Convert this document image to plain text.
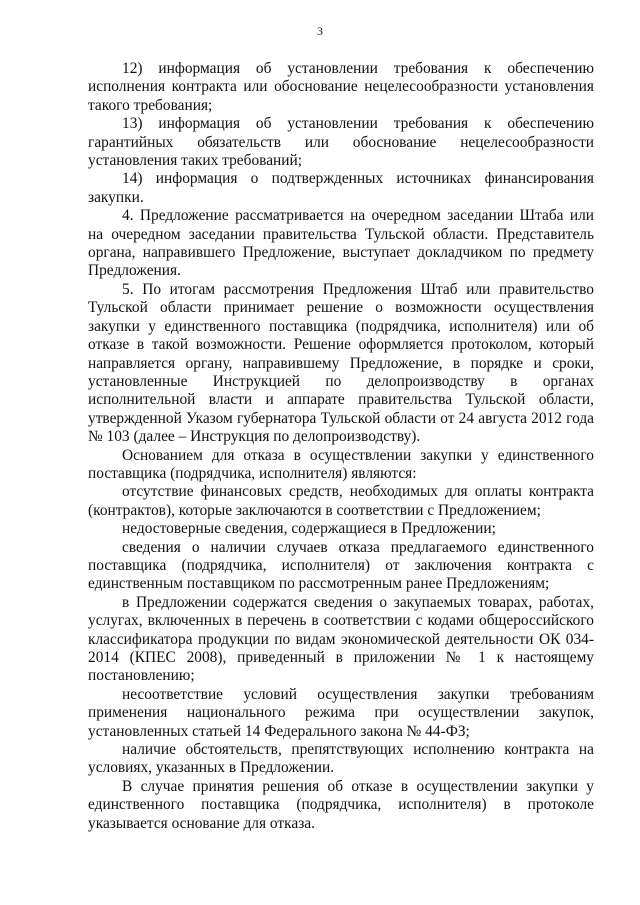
3

12) информация об установлении требования к обеспечению исполнения контракта или обоснование нецелесообразности установления такого требования;

13) информация об установлении требования к обеспечению гарантийных обязательств или обоснование нецелесообразности установления таких требований;

14) информация о подтвержденных источниках финансирования закупки.

4. Предложение рассматривается на очередном заседании Штаба или на очередном заседании правительства Тульской области. Представитель органа, направившего Предложение, выступает докладчиком по предмету Предложения.

5. По итогам рассмотрения Предложения Штаб или правительство Тульской области принимает решение о возможности осуществления закупки у единственного поставщика (подрядчика, исполнителя) или об отказе в такой возможности. Решение оформляется протоколом, который направляется органу, направившему Предложение, в порядке и сроки, установленные Инструкцией по делопроизводству в органах исполнительной власти и аппарате правительства Тульской области, утвержденной Указом губернатора Тульской области от 24 августа 2012 года № 103 (далее – Инструкция по делопроизводству).

Основанием для отказа в осуществлении закупки у единственного поставщика (подрядчика, исполнителя) являются:

отсутствие финансовых средств, необходимых для оплаты контракта (контрактов), которые заключаются в соответствии с Предложением;

недостоверные сведения, содержащиеся в Предложении;

сведения о наличии случаев отказа предлагаемого единственного поставщика (подрядчика, исполнителя) от заключения контракта с единственным поставщиком по рассмотренным ранее Предложениям;

в Предложении содержатся сведения о закупаемых товарах, работах, услугах, включенных в перечень в соответствии с кодами общероссийского классификатора продукции по видам экономической деятельности ОК 034-2014 (КПЕС 2008), приведенный в приложении № 1 к настоящему постановлению;

несоответствие условий осуществления закупки требованиям применения национального режима при осуществлении закупок, установленных статьей 14 Федерального закона № 44-ФЗ;

наличие обстоятельств, препятствующих исполнению контракта на условиях, указанных в Предложении.

В случае принятия решения об отказе в осуществлении закупки у единственного поставщика (подрядчика, исполнителя) в протоколе указывается основание для отказа.
